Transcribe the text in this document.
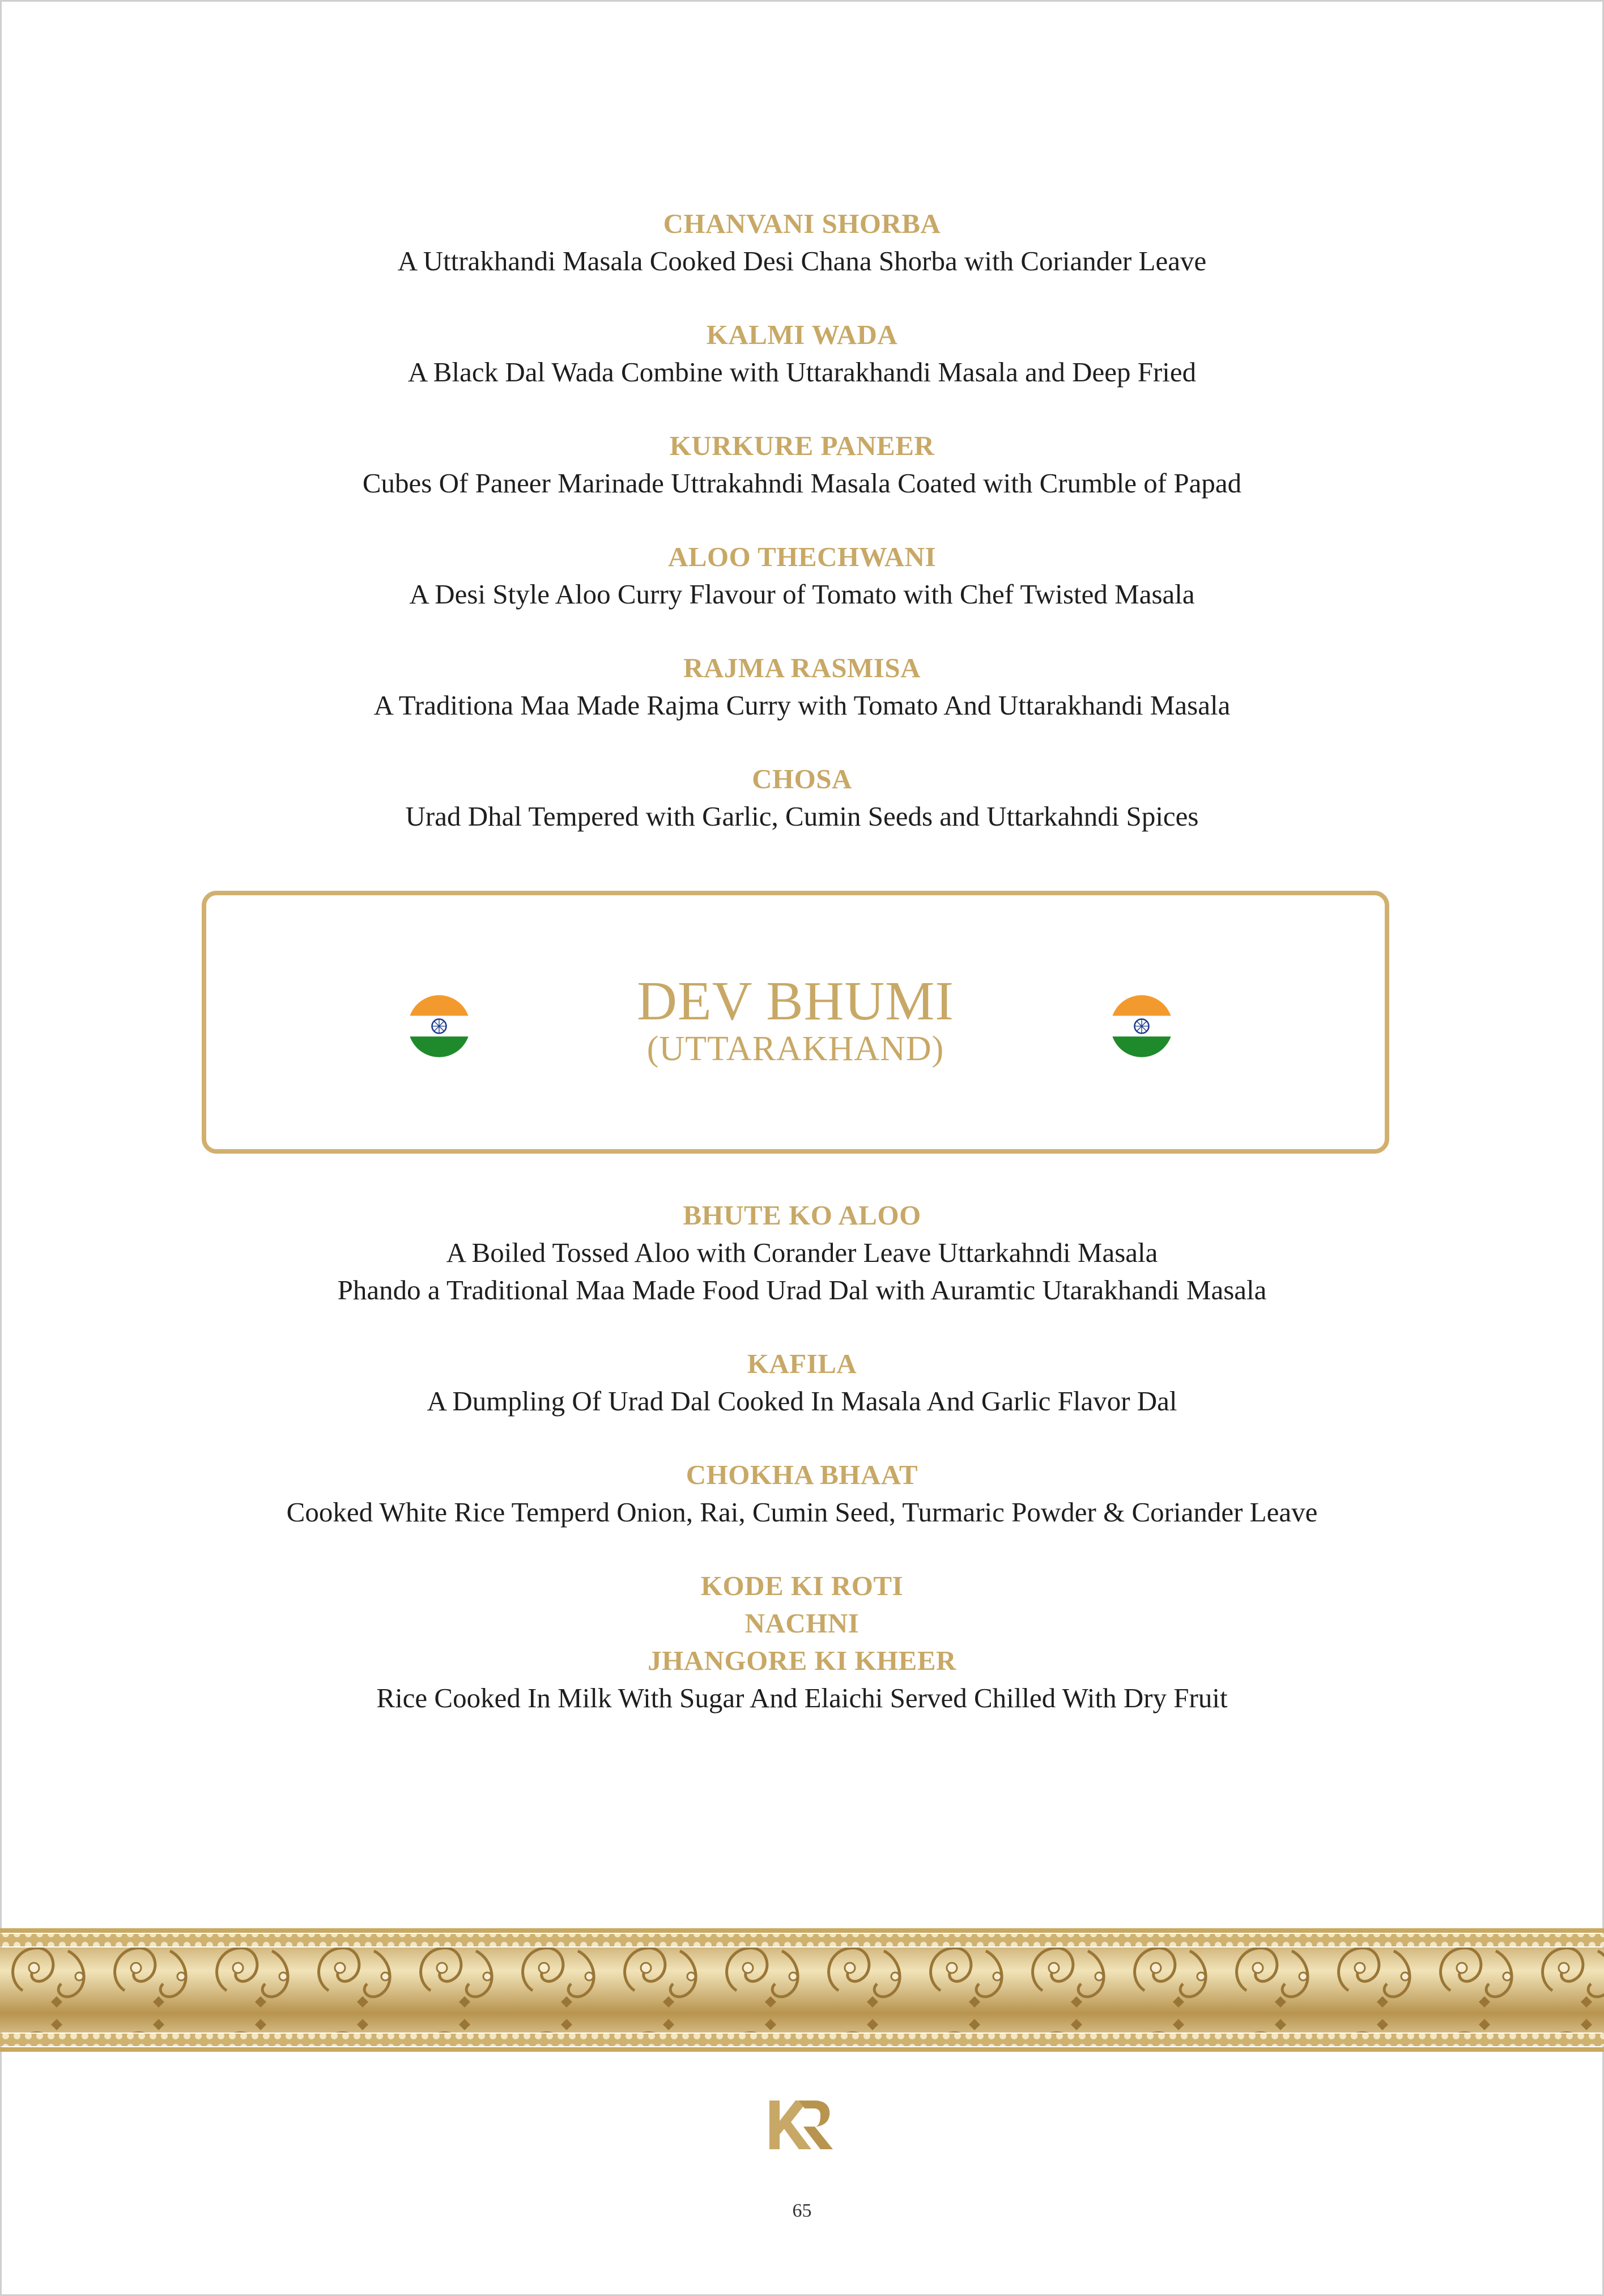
CHANVANI SHORBA

A Uttrakhandi Masala Cooked Desi Chana Shorba with Coriander Leave

KALMI WADA

A Black Dal Wada Combine with Uttarakhandi Masala and Deep Fried

KURKURE PANEER

Cubes Of Paneer Marinade Uttrakahndi Masala Coated with Crumble of Papad

ALOO THECHWANI

A Desi Style Aloo Curry Flavour of Tomato with Chef Twisted Masala

RAJMA RASMISA

A Traditiona Maa Made Rajma Curry with Tomato And Uttarakhandi Masala

CHOSA

Urad Dhal Tempered with Garlic, Cumin Seeds and Uttarkahndi Spices

DEV BHUMI
(UTTARAKHAND)

BHUTE KO ALOO

A Boiled Tossed Aloo with Corander Leave Uttarkahndi Masala

Phando a Traditional Maa Made Food Urad Dal with Auramtic Utarakhandi Masala

KAFILA

A Dumpling Of Urad Dal Cooked In Masala And Garlic Flavor Dal

CHOKHA BHAAT

Cooked White Rice Temperd Onion, Rai, Cumin Seed, Turmaric Powder & Coriander Leave

KODE KI ROTI

NACHNI

JHANGORE KI KHEER

Rice Cooked In Milk With Sugar And Elaichi Served Chilled With Dry Fruit

65
